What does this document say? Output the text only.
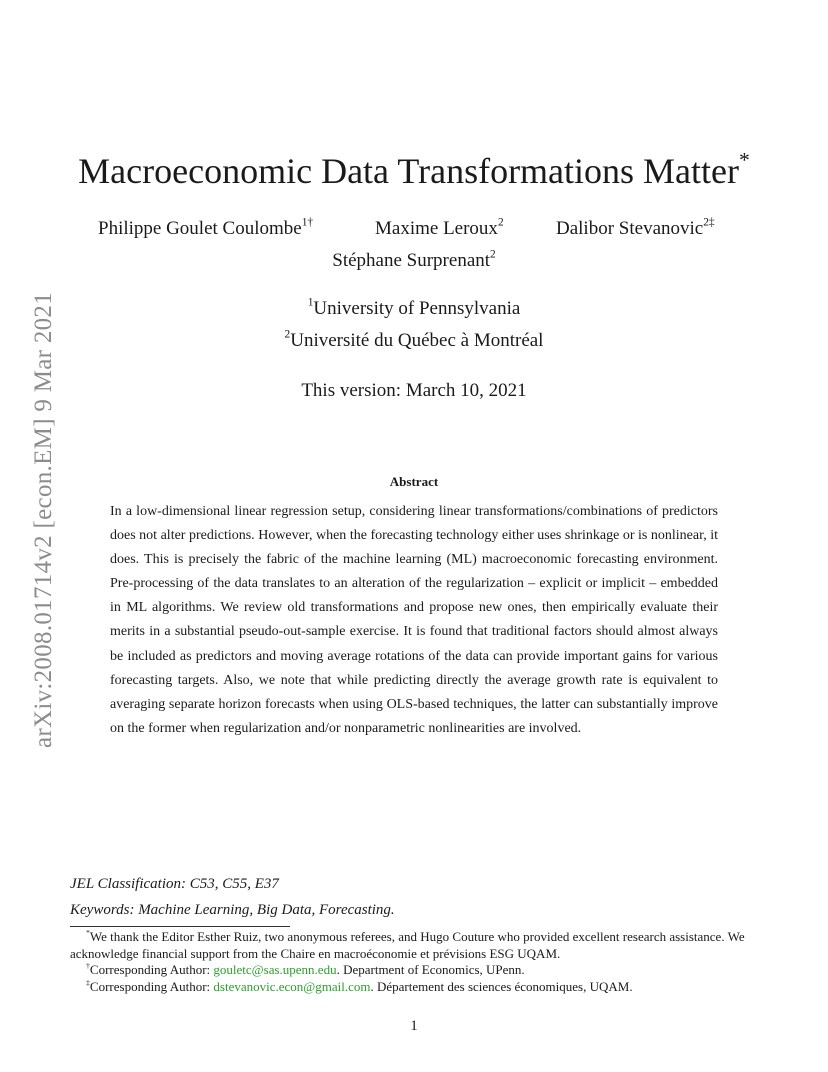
arXiv:2008.01714v2 [econ.EM] 9 Mar 2021
Macroeconomic Data Transformations Matter*
Philippe Goulet Coulombe$^{1\dagger}$	Maxime Leroux$^2$	Dalibor Stevanovic$^{2\ddagger}$
Stéphane Surprenant$^2$
$^1$University of Pennsylvania
$^2$Université du Québec à Montréal
This version: March 10, 2021
Abstract

In a low-dimensional linear regression setup, considering linear transformations/combinations of predictors does not alter predictions. However, when the forecasting technology either uses shrinkage or is nonlinear, it does. This is precisely the fabric of the machine learning (ML) macroeconomic forecasting environment. Pre-processing of the data translates to an alteration of the regularization – explicit or implicit – embedded in ML algorithms. We review old transformations and propose new ones, then empirically evaluate their merits in a substantial pseudo-out-sample exercise. It is found that traditional factors should almost always be included as predictors and moving average rotations of the data can provide important gains for various forecasting targets. Also, we note that while predicting directly the average growth rate is equivalent to averaging separate horizon forecasts when using OLS-based techniques, the latter can substantially improve on the former when regularization and/or nonparametric nonlinearities are involved.

JEL Classification: C53, C55, E37
Keywords: Machine Learning, Big Data, Forecasting.

*We thank the Editor Esther Ruiz, two anonymous referees, and Hugo Couture who provided excellent research assistance. We acknowledge financial support from the Chaire en macroéconomie et prévisions ESG UQAM.

†Corresponding Author: gouletc@sas.upenn.edu. Department of Economics, UPenn.

‡Corresponding Author: dstevanovic.econ@gmail.com. Département des sciences économiques, UQAM.

1
